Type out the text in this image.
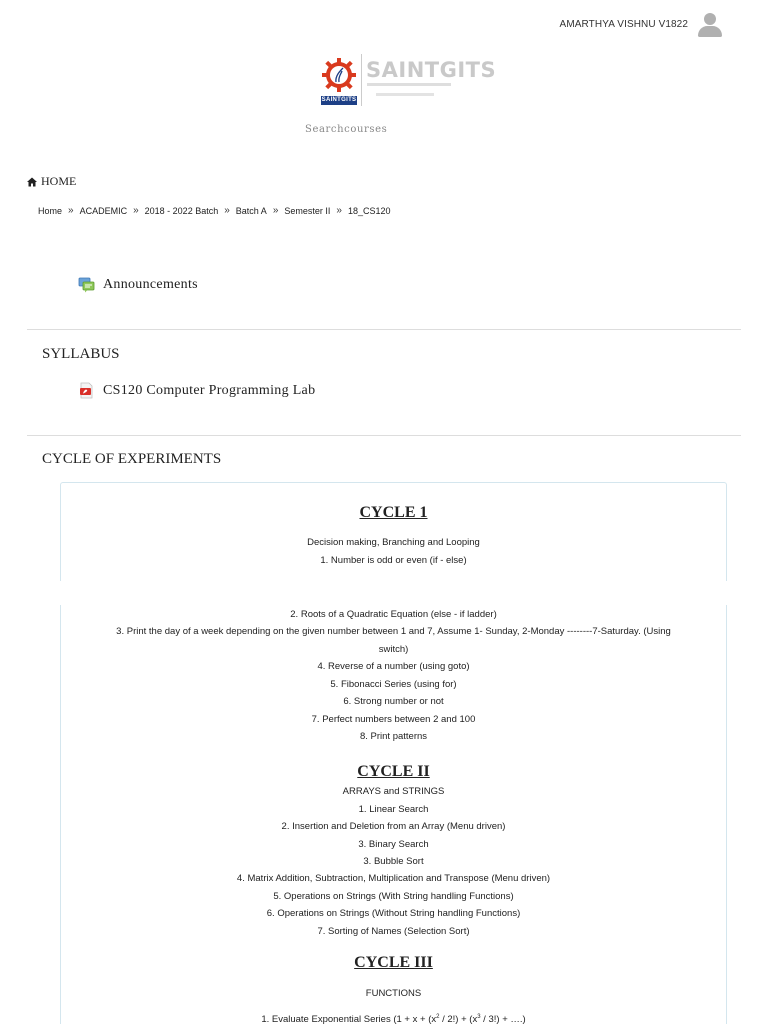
AMARTHYA VISHNU V1822
SAINTGITS
SAINTGITS
Searchcourses
HOME
Home » ACADEMIC » 2018 - 2022 Batch » Batch A » Semester II » 18_CS120
Announcements
SYLLABUS
CS120 Computer Programming Lab
CYCLE OF EXPERIMENTS
CYCLE 1
Decision making, Branching and Looping
1. Number is odd or even (if - else)
2. Roots of a Quadratic Equation (else - if ladder)
3. Print the day of a week depending on the given number between 1 and 7, Assume 1- Sunday, 2-Monday --------7-Saturday. (Using
switch)
4. Reverse of a number (using goto)
5. Fibonacci Series (using for)
6. Strong number or not
7. Perfect numbers between 2 and 100
8. Print patterns
CYCLE II
ARRAYS and STRINGS
1. Linear Search
2. Insertion and Deletion from an Array (Menu driven)
3. Binary Search
3. Bubble Sort
4. Matrix Addition, Subtraction, Multiplication and Transpose (Menu driven)
5. Operations on Strings (With String handling Functions)
6. Operations on Strings (Without String handling Functions)
7. Sorting of Names (Selection Sort)
CYCLE III
FUNCTIONS
1. Evaluate Exponential Series ($1 + x + (x^2 / 2!) + (x^3 / 3!)$ + ….)
